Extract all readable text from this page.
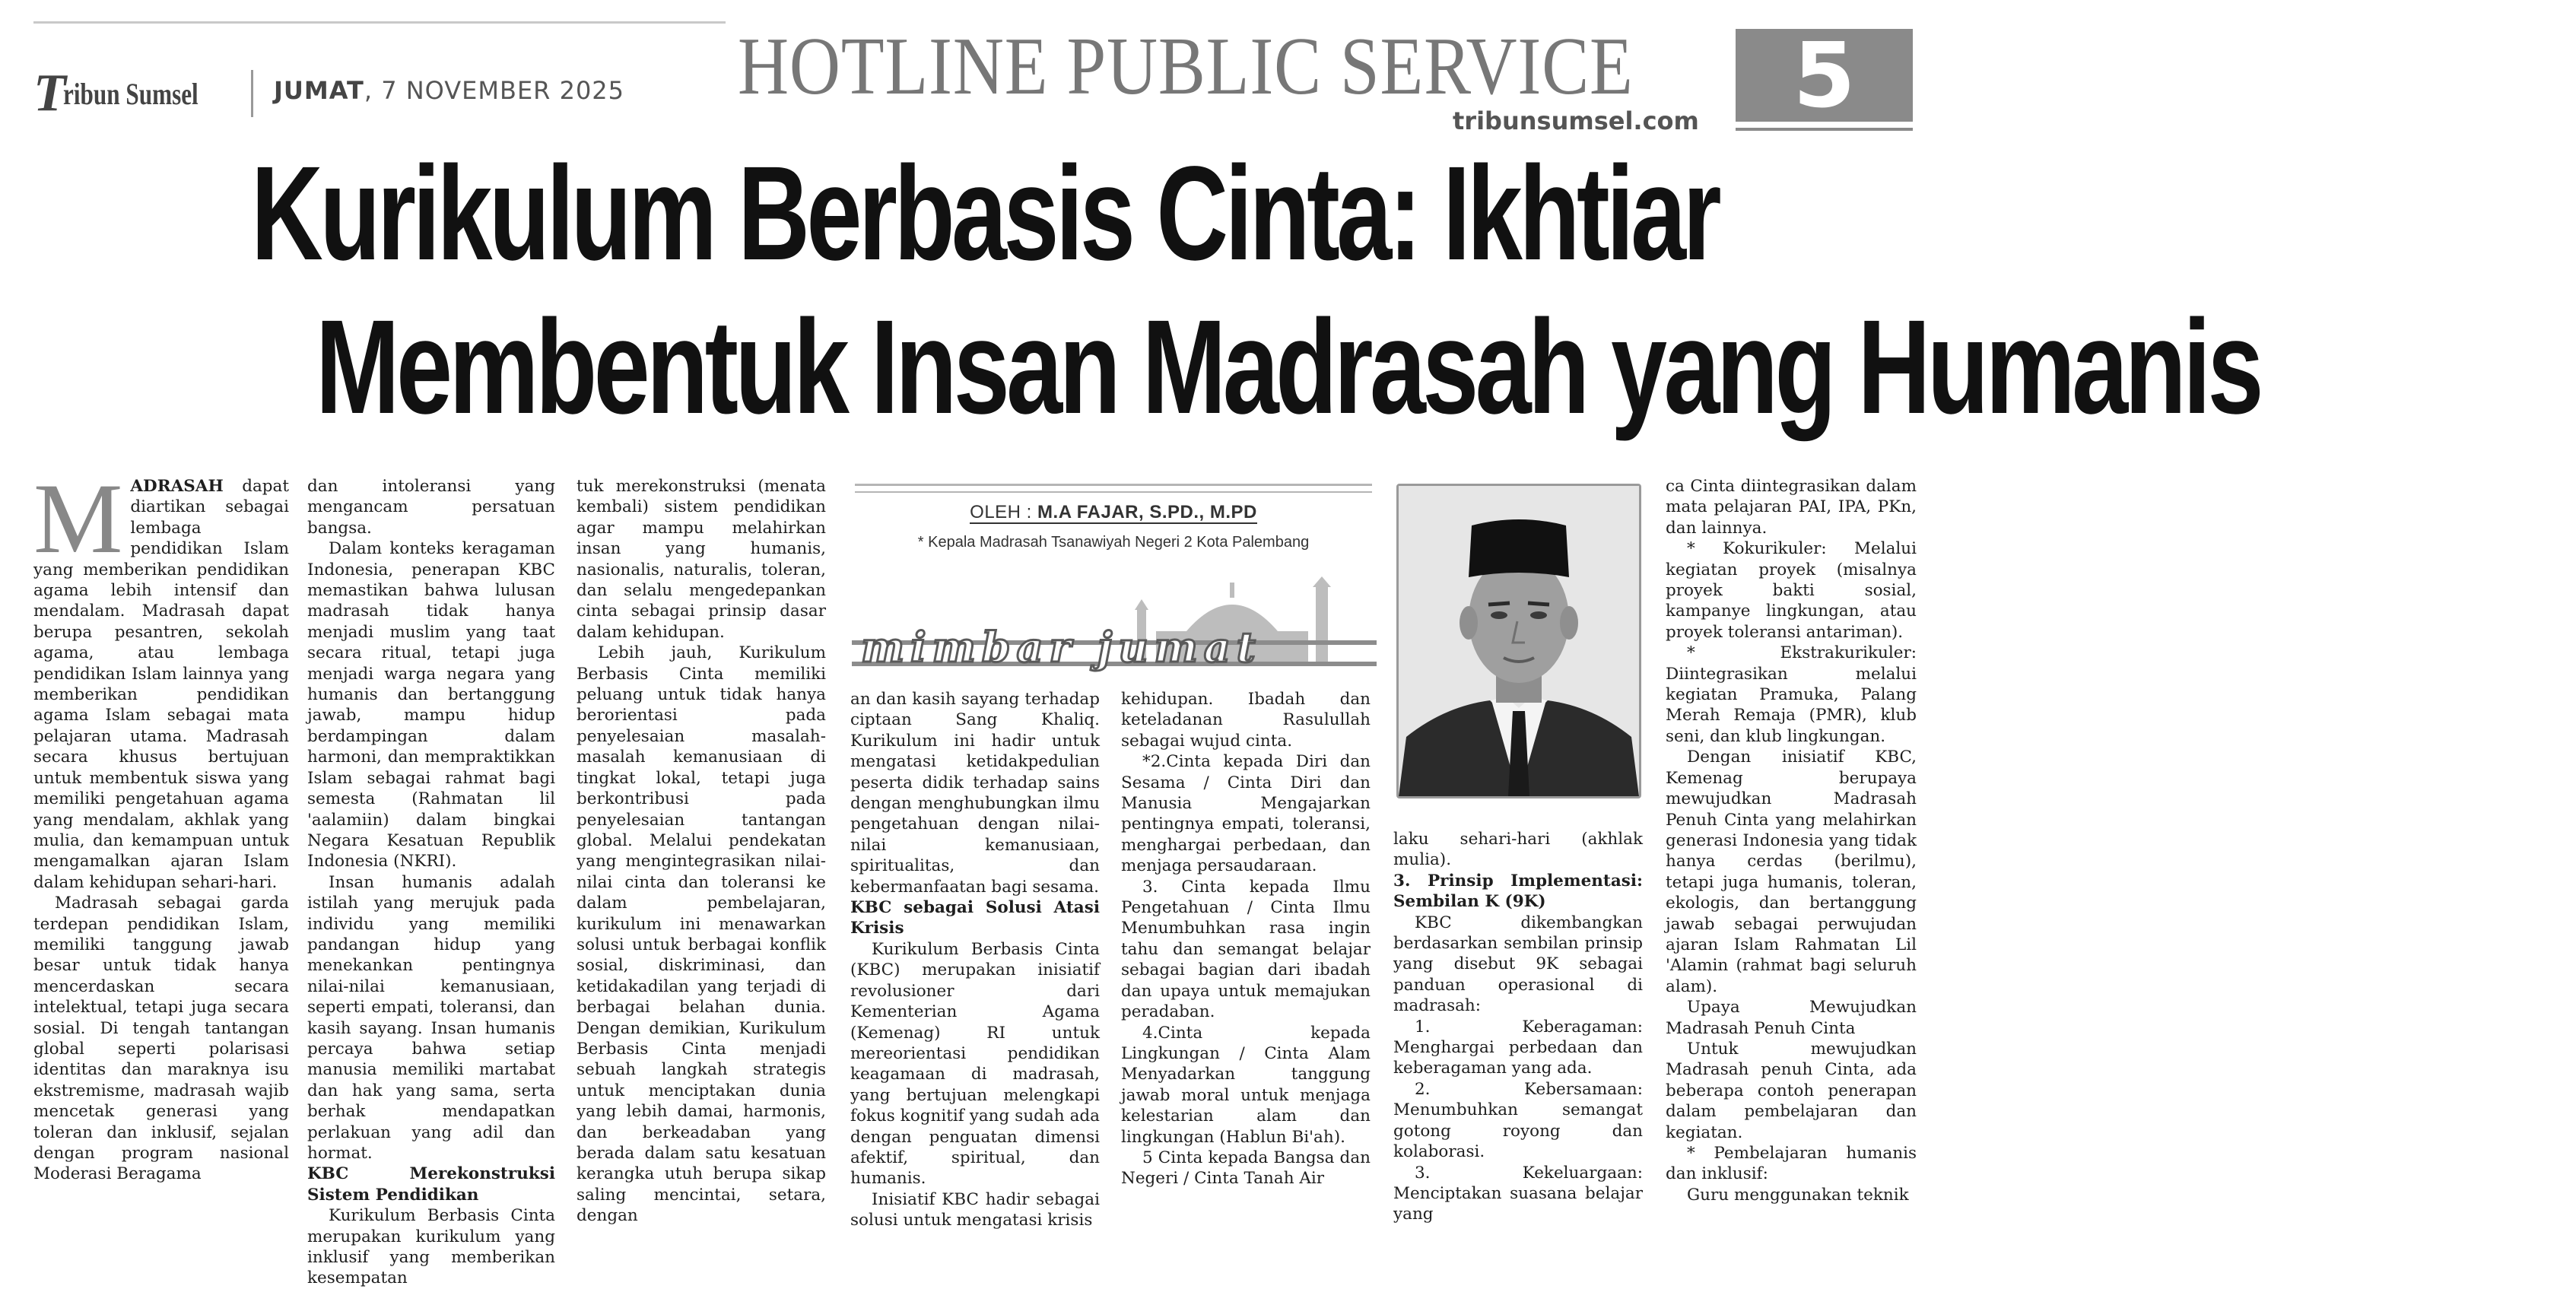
T
ribun Sumsel	JUMAT, 7 NOVEMBER 2025 HOTLINE PUBLIC SERVICE
tribunsumsel.com 5
Kurikulum Berbasis Cinta: Ikhtiar
Membentuk Insan Madrasah yang Humanis
OLEH : M.A FAJAR, S.PD., M.PD
* Kepala Madrasah Tsanawiyah Negeri 2 Kota Palembang
mimbar jumat

MADRASAH dapat diartikan sebagai lembaga pendidikan Islam yang memberikan pendidikan agama lebih intensif dan mendalam. Madrasah dapat berupa pesantren, sekolah agama, atau lembaga pendidikan Islam lainnya yang memberikan pendidikan agama Islam sebagai mata pelajaran utama. Madrasah secara khusus bertujuan untuk membentuk siswa yang memiliki pengetahuan agama yang mendalam, akhlak yang mulia, dan kemampuan untuk mengamalkan ajaran Islam dalam kehidupan sehari-hari.

Madrasah sebagai garda terdepan pendidikan Islam, memiliki tanggung jawab besar untuk tidak hanya mencerdaskan secara intelektual, tetapi juga secara sosial. Di tengah tantangan global seperti polarisasi identitas dan maraknya isu ekstremisme, madrasah wajib mencetak generasi yang toleran dan inklusif, sejalan dengan program nasional Moderasi Beragama

dan intoleransi yang mengancam persatuan bangsa.

Dalam konteks keragaman Indonesia, penerapan KBC memastikan bahwa lulusan madrasah tidak hanya menjadi muslim yang taat secara ritual, tetapi juga menjadi warga negara yang humanis dan bertanggung jawab, mampu hidup berdampingan dalam harmoni, dan mempraktikkan Islam sebagai rahmat bagi semesta (Rahmatan lil 'aalamiin) dalam bingkai Negara Kesatuan Republik Indonesia (NKRI).

Insan humanis adalah istilah yang merujuk pada individu yang memiliki pandangan hidup yang menekankan pentingnya nilai-nilai kemanusiaan, seperti empati, toleransi, dan kasih sayang. Insan humanis percaya bahwa setiap manusia memiliki martabat dan hak yang sama, serta berhak mendapatkan perlakuan yang adil dan hormat.

KBC Merekonstruksi Sistem Pendidikan

Kurikulum Berbasis Cinta merupakan kurikulum yang inklusif yang memberikan kesempatan

tuk merekonstruksi (menata kembali) sistem pendidikan agar mampu melahirkan insan yang humanis, nasionalis, naturalis, toleran, dan selalu mengedepankan cinta sebagai prinsip dasar dalam kehidupan.

Lebih jauh, Kurikulum Berbasis Cinta memiliki peluang untuk tidak hanya berorientasi pada penyelesaian masalah-masalah kemanusiaan di tingkat lokal, tetapi juga berkontribusi pada penyelesaian tantangan global. Melalui pendekatan yang mengintegrasikan nilai-nilai cinta dan toleransi ke dalam pembelajaran, kurikulum ini menawarkan solusi untuk berbagai konflik sosial, diskriminasi, dan ketidakadilan yang terjadi di berbagai belahan dunia. Dengan demikian, Kurikulum Berbasis Cinta menjadi sebuah langkah strategis untuk menciptakan dunia yang lebih damai, harmonis, dan berkeadaban yang berada dalam satu kesatuan kerangka utuh berupa sikap saling mencintai, setara, dengan

an dan kasih sayang terhadap ciptaan Sang Khaliq. Kurikulum ini hadir untuk mengatasi ketidakpedulian peserta didik terhadap sains dengan menghubungkan ilmu pengetahuan dengan nilai-nilai kemanusiaan, spiritualitas, dan kebermanfaatan bagi sesama.

KBC sebagai Solusi Atasi Krisis

Kurikulum Berbasis Cinta (KBC) merupakan inisiatif revolusioner dari Kementerian Agama (Kemenag) RI untuk mereorientasi pendidikan keagamaan di madrasah, yang bertujuan melengkapi fokus kognitif yang sudah ada dengan penguatan dimensi afektif, spiritual, dan humanis.

Inisiatif KBC hadir sebagai solusi untuk mengatasi krisis

kehidupan. Ibadah dan keteladanan Rasulullah sebagai wujud cinta.

*2.Cinta kepada Diri dan Sesama / Cinta Diri dan Manusia Mengajarkan pentingnya empati, toleransi, menghargai perbedaan, dan menjaga persaudaraan.

3. Cinta kepada Ilmu Pengetahuan / Cinta Ilmu Menumbuhkan rasa ingin tahu dan semangat belajar sebagai bagian dari ibadah dan upaya untuk memajukan peradaban.

4.Cinta kepada Lingkungan / Cinta Alam Menyadarkan tanggung jawab moral untuk menjaga kelestarian alam dan lingkungan (Hablun Bi'ah).

5 Cinta kepada Bangsa dan Negeri / Cinta Tanah Air

laku sehari-hari (akhlak mulia).

3. Prinsip Implementasi: Sembilan K (9K)

KBC dikembangkan berdasarkan sembilan prinsip yang disebut 9K sebagai panduan operasional di madrasah:

1. Keberagaman: Menghargai perbedaan dan keberagaman yang ada.

2. Kebersamaan: Menumbuhkan semangat gotong royong dan kolaborasi.

3. Kekeluargaan: Menciptakan suasana belajar yang

ca Cinta diintegrasikan dalam mata pelajaran PAI, IPA, PKn, dan lainnya.

* Kokurikuler: Melalui kegiatan proyek (misalnya proyek bakti sosial, kampanye lingkungan, atau proyek toleransi antariman).

* Ekstrakurikuler: Diintegrasikan melalui kegiatan Pramuka, Palang Merah Remaja (PMR), klub seni, dan klub lingkungan.

Dengan inisiatif KBC, Kemenag berupaya mewujudkan Madrasah Penuh Cinta yang melahirkan generasi Indonesia yang tidak hanya cerdas (berilmu), tetapi juga humanis, toleran, ekologis, dan bertanggung jawab sebagai perwujudan ajaran Islam Rahmatan Lil 'Alamin (rahmat bagi seluruh alam).

Upaya Mewujudkan Madrasah Penuh Cinta

Untuk mewujudkan Madrasah penuh Cinta, ada beberapa contoh penerapan dalam pembelajaran dan kegiatan.

* Pembelajaran humanis dan inklusif:

Guru menggunakan teknik
